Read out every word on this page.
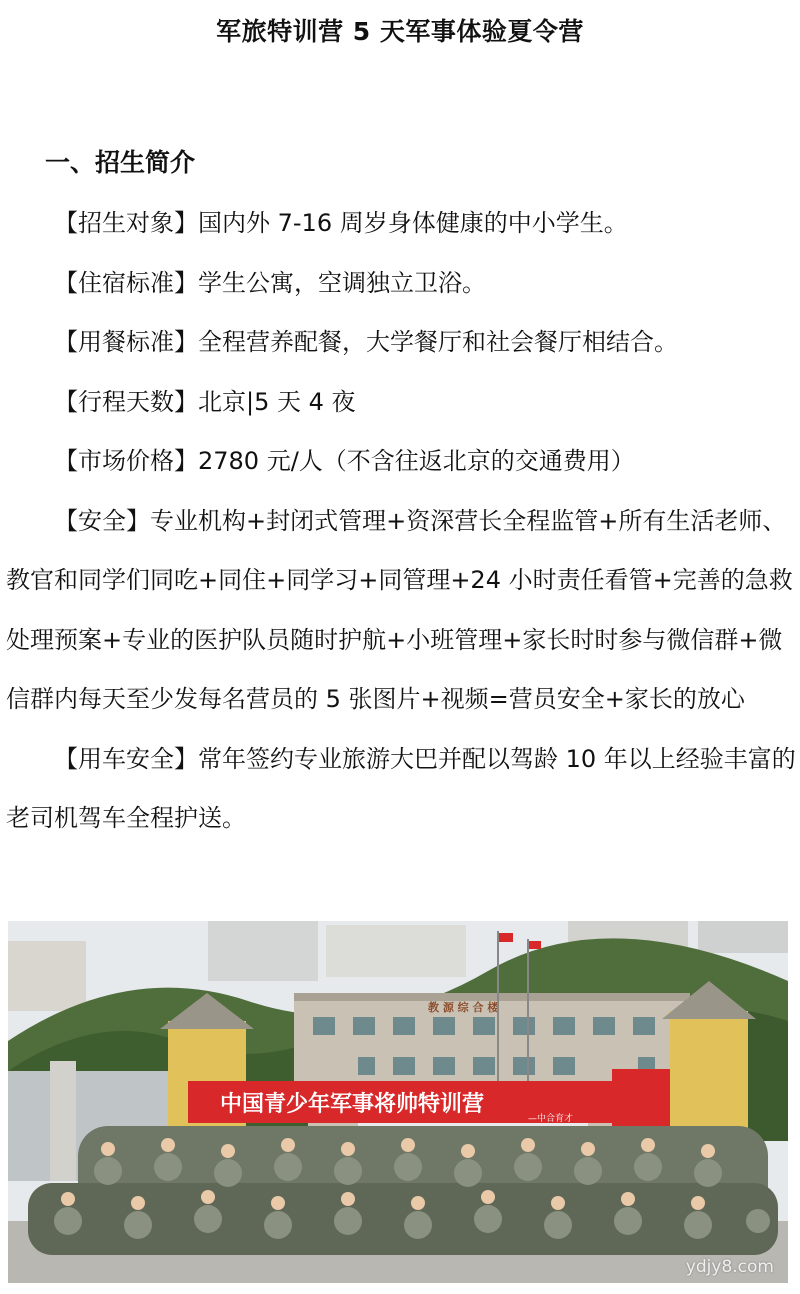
军旅特训营 5 天军事体验夏令营
一、招生简介

【招生对象】国内外 7-16 周岁身体健康的中小学生。

【住宿标准】学生公寓，空调独立卫浴。

【用餐标准】全程营养配餐，大学餐厅和社会餐厅相结合。

【行程天数】北京|5 天 4 夜

【市场价格】2780 元/人（不含往返北京的交通费用）

【安全】专业机构+封闭式管理+资深营长全程监管+所有生活老师、教官和同学们同吃+同住+同学习+同管理+24 小时责任看管+完善的急救处理预案+专业的医护队员随时护航+小班管理+家长时时参与微信群+微信群内每天至少发每名营员的 5 张图片+视频=营员安全+家长的放心

【用车安全】常年签约专业旅游大巴并配以驾龄 10 年以上经验丰富的老司机驾车全程护送。

教 源 综 合 楼
中国青少年军事将帅特训营
—中合育才
ydjy8.com
